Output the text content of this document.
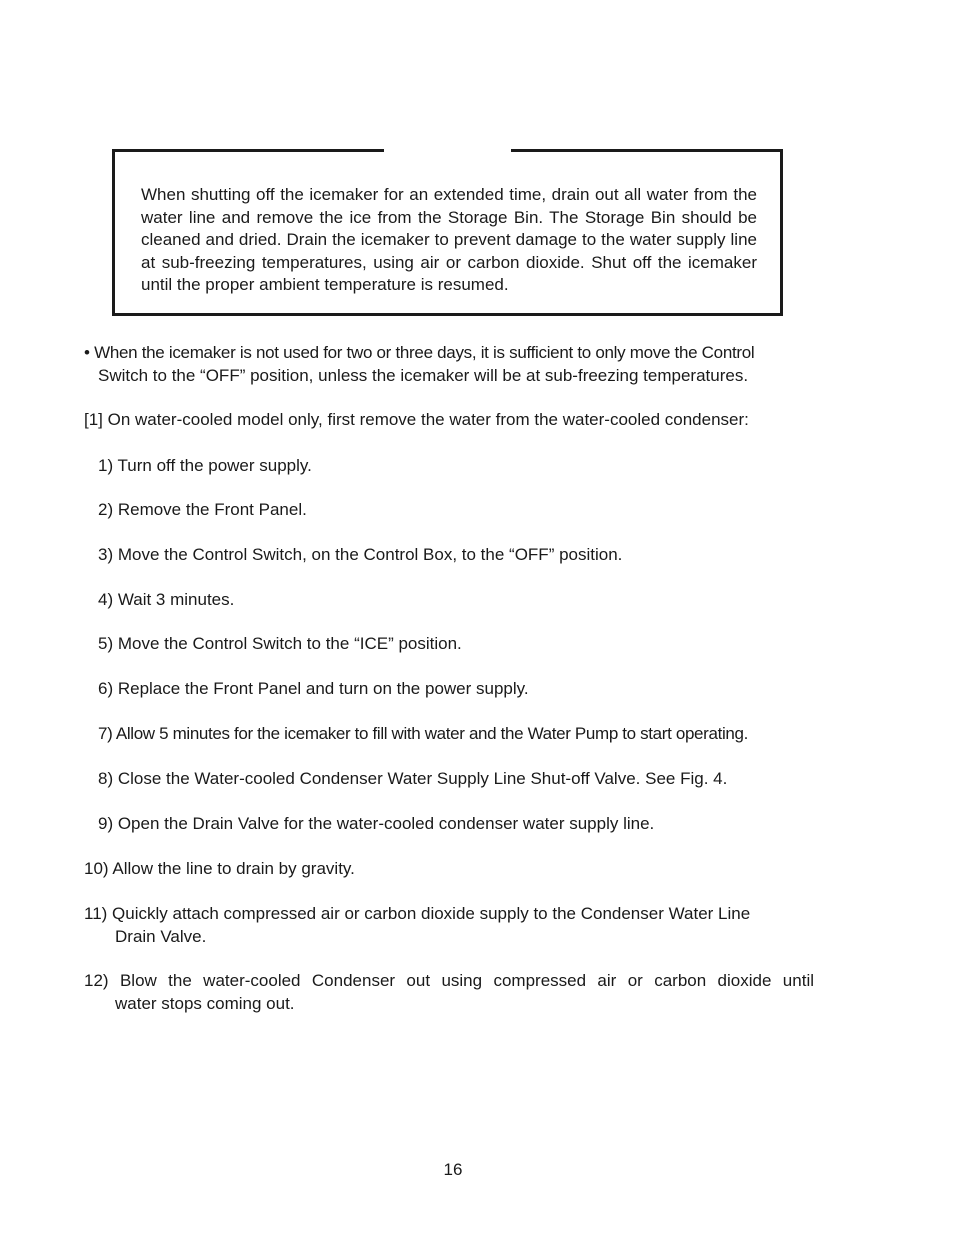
When shutting off the icemaker for an extended time, drain out all water from the water line and remove the ice from the Storage Bin. The Storage Bin should be cleaned and dried. Drain the icemaker to prevent damage to the water supply line at sub-freezing temperatures, using air or carbon dioxide. Shut off the icemaker until the proper ambient temperature is resumed.

• When the icemaker is not used for two or three days, it is sufficient to only move the Control
Switch to the “OFF” position, unless the icemaker will be at sub-freezing temperatures.

[1] On water-cooled model only, first remove the water from the water-cooled condenser:

1) Turn off the power supply.

2) Remove the Front Panel.

3) Move the Control Switch, on the Control Box, to the “OFF” position.

4) Wait 3 minutes.

5) Move the Control Switch to the “ICE” position.

6) Replace the Front Panel and turn on the power supply.

7) Allow 5 minutes for the icemaker to fill with water and the Water Pump to start operating.

8) Close the Water-cooled Condenser Water Supply Line Shut-off Valve. See Fig. 4.

9) Open the Drain Valve for the water-cooled condenser water supply line.

10) Allow the line to drain by gravity.

11) Quickly attach compressed air or carbon dioxide supply to the Condenser Water Line
Drain Valve.
12) Blow the water-cooled Condenser out using compressed air or carbon dioxide until
water stops coming out.
16
